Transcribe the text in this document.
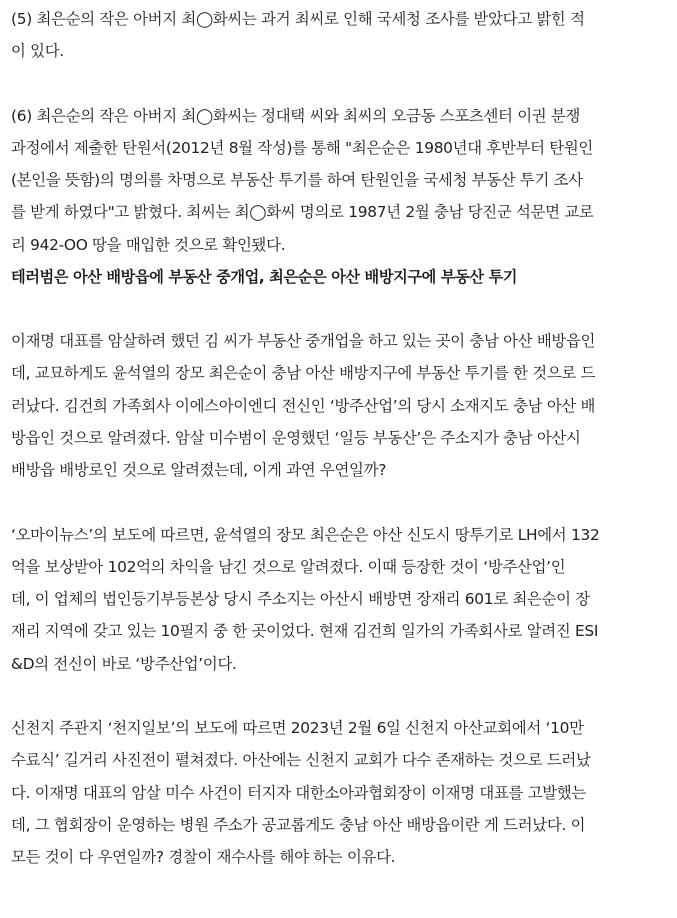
(5) 최은순의 작은 아버지 최◯화씨는 과거 최씨로 인해 국세청 조사를 받았다고 밝힌 적
이 있다.

(6) 최은순의 작은 아버지 최◯화씨는 정대택 씨와 최씨의 오금동 스포츠센터 이권 분쟁
과정에서 제출한 탄원서(2012년 8월 작성)를 통해 "최은순은 1980년대 후반부터 탄원인
(본인을 뜻함)의 명의를 차명으로 부동산 투기를 하여 탄원인을 국세청 부동산 투기 조사
를 받게 하였다"고 밝혔다. 최씨는 최◯화씨 명의로 1987년 2월 충남 당진군 석문면 교로
리 942-OO 땅을 매입한 것으로 확인됐다.

테러범은 아산 배방읍에 부동산 중개업, 최은순은 아산 배방지구에 부동산 투기

이재명 대표를 암살하려 했던 김 씨가 부동산 중개업을 하고 있는 곳이 충남 아산 배방읍인
데, 교묘하게도 윤석열의 장모 최은순이 충남 아산 배방지구에 부동산 투기를 한 것으로 드
러났다. 김건희 가족회사 이에스아이엔디 전신인 ‘방주산업’의 당시 소재지도 충남 아산 배
방읍인 것으로 알려졌다. 암살 미수범이 운영했던 ‘일등 부동산’은 주소지가 충남 아산시
배방읍 배방로인 것으로 알려졌는데, 이게 과연 우연일까?

‘오마이뉴스’의 보도에 따르면, 윤석열의 장모 최은순은 아산 신도시 땅투기로 LH에서 132
억을 보상받아 102억의 차익을 남긴 것으로 알려졌다. 이때 등장한 것이 ‘방주산업’인
데, 이 업체의 법인등기부등본상 당시 주소지는 아산시 배방면 장재리 601로 최은순이 장
재리 지역에 갖고 있는 10필지 중 한 곳이었다. 현재 김건희 일가의 가족회사로 알려진 ESI
&D의 전신이 바로 ‘방주산업’이다.

신천지 주관지 ‘천지일보’의 보도에 따르면 2023년 2월 6일 신천지 아산교회에서 ‘10만
수료식’ 길거리 사진전이 펼쳐졌다. 아산에는 신천지 교회가 다수 존재하는 것으로 드러났
다. 이재명 대표의 암살 미수 사건이 터지자 대한소아과협회장이 이재명 대표를 고발했는
데, 그 협회장이 운영하는 병원 주소가 공교롭게도 충남 아산 배방읍이란 게 드러났다. 이
모든 것이 다 우연일까? 경찰이 재수사를 해야 하는 이유다.
